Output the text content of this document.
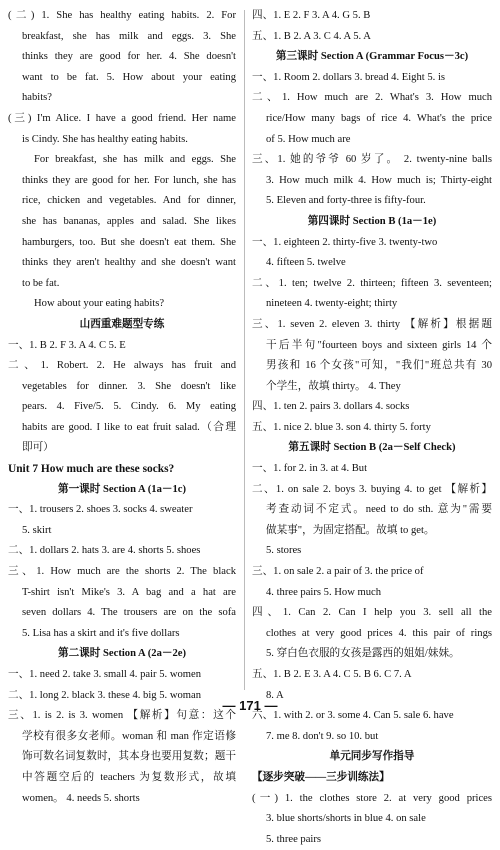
(二) 1. She has healthy eating habits. 2. For
breakfast, she has milk and eggs. 3. She
thinks they are good for her. 4. She doesn't
want to be fat. 5. How about your eating
habits?
(三) I'm Alice. I have a good friend. Her name
is Cindy. She has healthy eating habits.
For breakfast, she has milk and eggs. She
thinks they are good for her. For lunch, she has
rice, chicken and vegetables. And for dinner,
she has bananas, apples and salad. She likes
hamburgers, too. But she doesn't eat them. She
thinks they aren't healthy and she doesn't want
to be fat.
How about your eating habits?
山西重难题型专练
一、1. B 2. F 3. A 4. C 5. E
二、1. Robert. 2. He always has fruit and
vegetables for dinner. 3. She doesn't like
pears. 4. Five/5. 5. Cindy. 6. My eating
habits are good. I like to eat fruit salad.（合理
即可）
Unit 7 How much are these socks?
第一课时 Section A (1a－1c)
一、1. trousers 2. shoes 3. socks 4. sweater
5. skirt
二、1. dollars 2. hats 3. are 4. shorts 5. shoes
三、1. How much are the shorts 2. The black
T-shirt isn't Mike's 3. A bag and a hat are
seven dollars 4. The trousers are on the sofa
5. Lisa has a skirt and it's five dollars
第二课时 Section A (2a－2e)
一、1. need 2. take 3. small 4. pair 5. women
二、1. long 2. black 3. these 4. big 5. woman
三、1. is 2. is 3. women 【解析】句意：这个
学校有很多女老师。woman 和 man 作定语修
饰可数名词复数时，其本身也要用复数；题干
中答题空后的 teachers 为复数形式，故填
women。 4. needs 5. shorts
四、1. E 2. F 3. A 4. G 5. B
五、1. B 2. A 3. C 4. A 5. A
第三课时 Section A (Grammar Focus－3c)
一、1. Room 2. dollars 3. bread 4. Eight 5. is
二、1. How much are 2. What's 3. How much
rice/How many bags of rice 4. What's the price
of 5. How much are
三、1. 她的爷爷 60 岁了。 2. twenty-nine balls
3. How much milk 4. How much is; Thirty-eight
5. Eleven and forty-three is fifty-four.
第四课时 Section B (1a－1e)
一、1. eighteen 2. thirty-five 3. twenty-two
4. fifteen 5. twelve
二、1. ten; twelve 2. thirteen; fifteen 3. seventeen;
nineteen 4. twenty-eight; thirty
三、1. seven 2. eleven 3. thirty 【解析】根据题
干后半句"fourteen boys and sixteen girls 14 个
男孩和 16 个女孩"可知，"我们"班总共有 30
个学生，故填 thirty。 4. They
四、1. ten 2. pairs 3. dollars 4. socks
五、1. nice 2. blue 3. son 4. thirty 5. forty
第五课时 Section B (2a－Self Check)
一、1. for 2. in 3. at 4. But
二、1. on sale 2. boys 3. buying 4. to get 【解析】
考查动词不定式。need to do sth. 意为"需要
做某事"，为固定搭配。故填 to get。
5. stores
三、1. on sale 2. a pair of 3. the price of
4. three pairs 5. How much
四、1. Can 2. Can I help you 3. sell all the
clothes at very good prices 4. this pair of rings
5. 穿白色衣服的女孩是露西的姐姐/妹妹。
五、1. B 2. E 3. A 4. C 5. B 6. C 7. A
8. A
六、1. with 2. or 3. some 4. Can 5. sale 6. have
7. me 8. don't 9. so 10. but
单元同步写作指导
【逐步突破——三步训练法】
(一) 1. the clothes store 2. at very good prices
3. blue shorts/shorts in blue 4. on sale
5. three pairs
— 171 —
